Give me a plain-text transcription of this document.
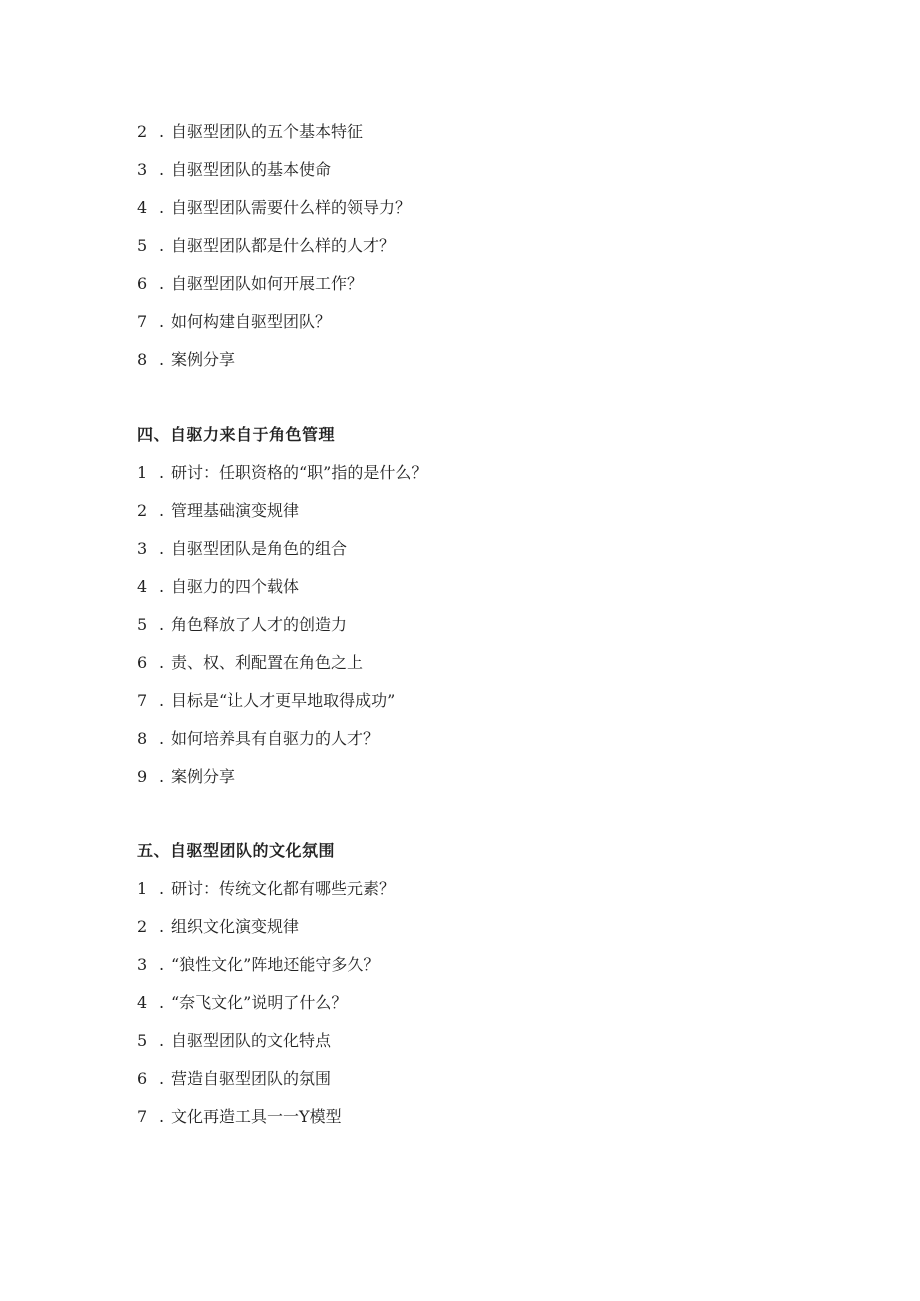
2 . 自驱型团队的五个基本特征
3 . 自驱型团队的基本使命
4 . 自驱型团队需要什么样的领导力？
5 . 自驱型团队都是什么样的人才？
6 . 自驱型团队如何开展工作？
7 . 如何构建自驱型团队？
8 . 案例分享
四、自驱力来自于角色管理
1 . 研讨：任职资格的“职”指的是什么？
2 . 管理基础演变规律
3 . 自驱型团队是角色的组合
4 . 自驱力的四个载体
5 . 角色释放了人才的创造力
6 . 责、权、利配置在角色之上
7 . 目标是“让人才更早地取得成功”
8 . 如何培养具有自驱力的人才？
9 . 案例分享
五、自驱型团队的文化氛围
1 . 研讨：传统文化都有哪些元素？
2 . 组织文化演变规律
3 . “狼性文化”阵地还能守多久？
4 . “奈飞文化”说明了什么？
5 . 自驱型团队的文化特点
6 . 营造自驱型团队的氛围
7 . 文化再造工具一一Y模型
